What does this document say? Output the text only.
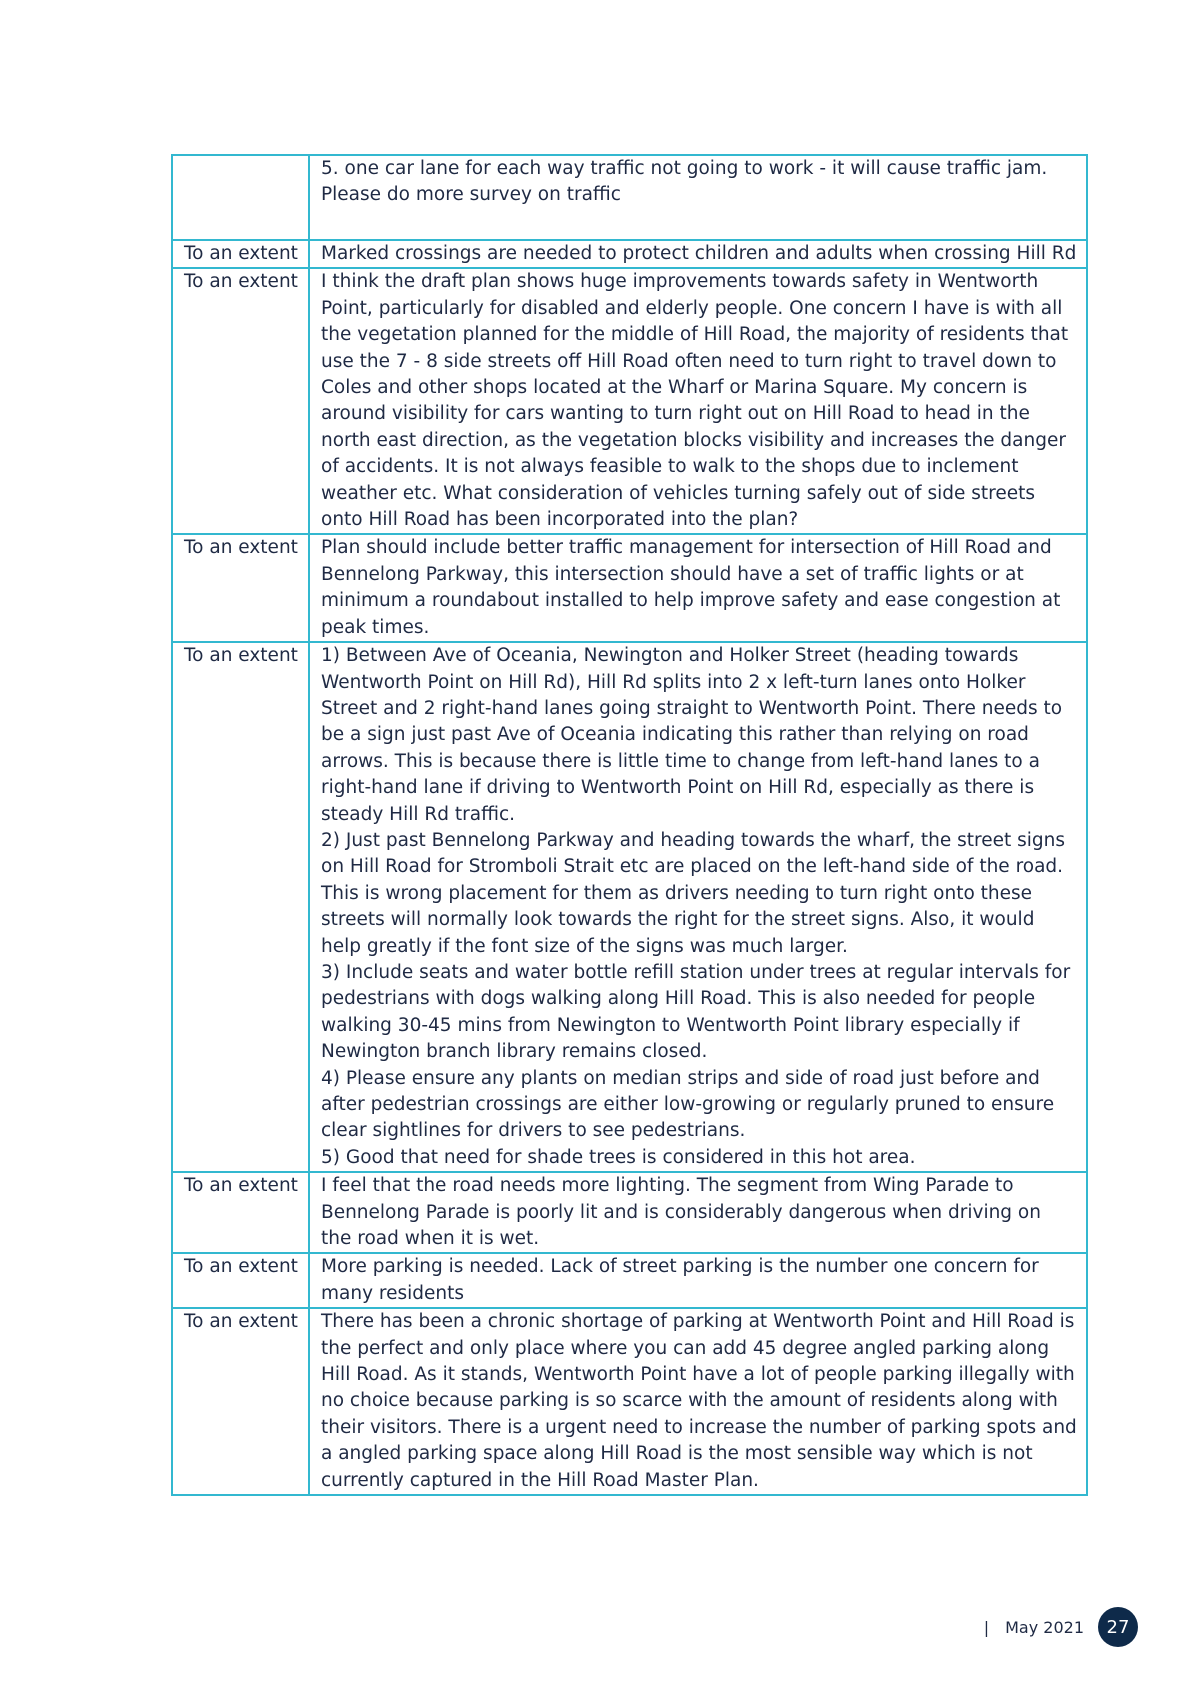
	5. one car lane for each way traffic not going to work - it will cause traffic jam. Please do more survey on traffic

To an extent	Marked crossings are needed to protect children and adults when crossing Hill Rd

To an extent	I think the draft plan shows huge improvements towards safety in Wentworth Point, particularly for disabled and elderly people. One concern I have is with all the vegetation planned for the middle of Hill Road, the majority of residents that use the 7 - 8 side streets off Hill Road often need to turn right to travel down to Coles and other shops located at the Wharf or Marina Square. My concern is around visibility for cars wanting to turn right out on Hill Road to head in the north east direction, as the vegetation blocks visibility and increases the danger of accidents. It is not always feasible to walk to the shops due to inclement weather etc. What consideration of vehicles turning safely out of side streets onto Hill Road has been incorporated into the plan?

To an extent	Plan should include better traffic management for intersection of Hill Road and Bennelong Parkway, this intersection should have a set of traffic lights or at minimum a roundabout installed to help improve safety and ease congestion at peak times.

To an extent	1) Between Ave of Oceania, Newington and Holker Street (heading towards Wentworth Point on Hill Rd), Hill Rd splits into 2 x left-turn lanes onto Holker Street and 2 right-hand lanes going straight to Wentworth Point. There needs to be a sign just past Ave of Oceania indicating this rather than relying on road arrows. This is because there is little time to change from left-hand lanes to a right-hand lane if driving to Wentworth Point on Hill Rd, especially as there is steady Hill Rd traffic.
2) Just past Bennelong Parkway and heading towards the wharf, the street signs on Hill Road for Stromboli Strait etc are placed on the left-hand side of the road. This is wrong placement for them as drivers needing to turn right onto these streets will normally look towards the right for the street signs. Also, it would help greatly if the font size of the signs was much larger.
3) Include seats and water bottle refill station under trees at regular intervals for pedestrians with dogs walking along Hill Road. This is also needed for people walking 30-45 mins from Newington to Wentworth Point library especially if Newington branch library remains closed.
4) Please ensure any plants on median strips and side of road just before and after pedestrian crossings are either low-growing or regularly pruned to ensure clear sightlines for drivers to see pedestrians.
5) Good that need for shade trees is considered in this hot area.

To an extent	I feel that the road needs more lighting. The segment from Wing Parade to Bennelong Parade is poorly lit and is considerably dangerous when driving on the road when it is wet.

To an extent	More parking is needed. Lack of street parking is the number one concern for many residents

To an extent	There has been a chronic shortage of parking at Wentworth Point and Hill Road is the perfect and only place where you can add 45 degree angled parking along Hill Road. As it stands, Wentworth Point have a lot of people parking illegally with no choice because parking is so scarce with the amount of residents along with their visitors. There is a urgent need to increase the number of parking spots and a angled parking space along Hill Road is the most sensible way which is not currently captured in the Hill Road Master Plan.
| May 2021	27
